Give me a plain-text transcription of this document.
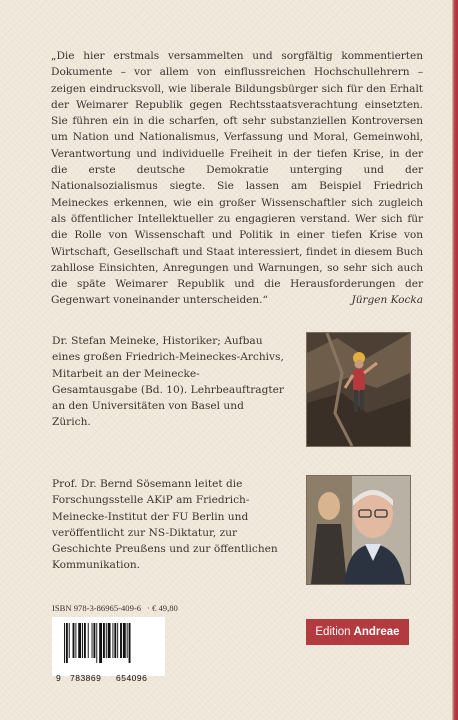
„Die hier erstmals versammelten und sorgfältig kommentierten Dokumente – vor allem von einflussreichen Hochschullehrern – zeigen eindrucksvoll, wie liberale Bildungsbürger sich für den Erhalt der Weimarer Republik gegen Rechtsstaatsverachtung einsetzten. Sie führen ein in die scharfen, oft sehr substanziellen Kontroversen um Nation und Nationalismus, Verfassung und Moral, Gemeinwohl, Verantwortung und individuelle Freiheit in der tiefen Krise, in der die erste deutsche Demokratie unterging und der Nationalsozialismus siegte. Sie lassen am Beispiel Friedrich Meineckes erkennen, wie ein großer Wissenschaftler sich zugleich als öffentlicher Intellektueller zu engagieren verstand. Wer sich für die Rolle von Wissenschaft und Politik in einer tiefen Krise von Wirtschaft, Gesellschaft und Staat interessiert, findet in diesem Buch zahllose Einsichten, Anregungen und Warnungen, so sehr sich auch die späte Weimarer Republik und die Herausforderungen der Gegenwart voneinander unterscheiden.“	Jürgen Kocka

Dr. Stefan Meineke, Historiker; Aufbau eines großen Friedrich-Meineckes-Archivs, Mitarbeit an der Meinecke-Gesamtausgabe (Bd. 10). Lehrbeauftragter an den Universitäten von Basel und Zürich.

Prof. Dr. Bernd Sösemann leitet die Forschungsstelle AKiP am Friedrich-Meinecke-Institut der FU Berlin und veröffentlicht zur NS-Diktatur, zur Geschichte Preußens und zur öffentlichen Kommunikation.

ISBN 978-3-86965-409-6 · € 49,80
Edition Andreae
9 783869 654096
